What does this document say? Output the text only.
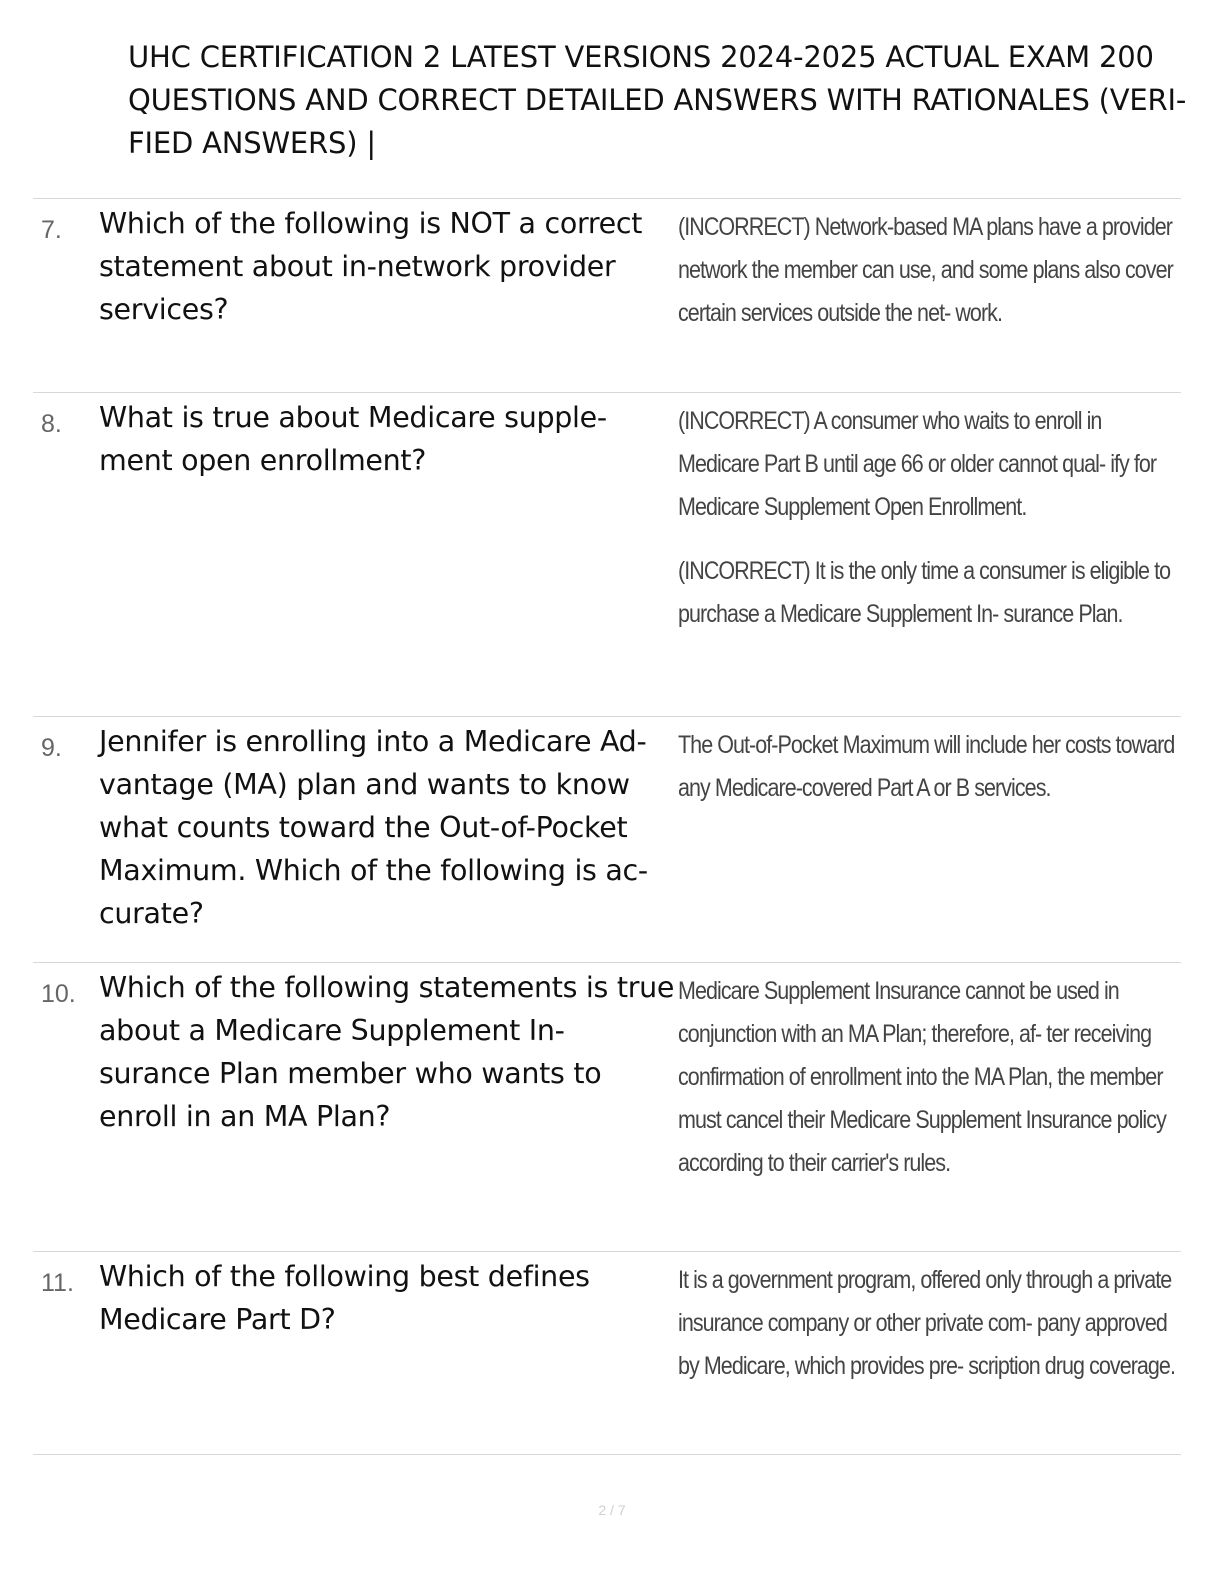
UHC CERTIFICATION 2 LATEST VERSIONS 2024-2025 ACTUAL EXAM 200 QUESTIONS AND CORRECT DETAILED ANSWERS WITH RATIONALES (VERI- FIED ANSWERS) |
7. Which of the following is NOT a correct statement about in-network provider services?

(INCORRECT) Network-based MA plans have a provider network the member can use, and some plans also cover certain services outside the net- work.

8. What is true about Medicare supple- ment open enrollment?

(INCORRECT) A consumer who waits to enroll in Medicare Part B until age 66 or older cannot qual- ify for Medicare Supplement Open Enrollment.

(INCORRECT) It is the only time a consumer is eligible to purchase a Medicare Supplement In- surance Plan.

9. Jennifer is enrolling into a Medicare Ad- vantage (MA) plan and wants to know what counts toward the Out-of-Pocket Maximum. Which of the following is ac- curate?

The Out-of-Pocket Maximum will include her costs toward any Medicare-covered Part A or B services.

10. Which of the following statements is true about a Medicare Supplement In- surance Plan member who wants to enroll in an MA Plan?

Medicare Supplement Insurance cannot be used in conjunction with an MA Plan; therefore, af- ter receiving confirmation of enrollment into the MA Plan, the member must cancel their Medicare Supplement Insurance policy according to their carrier's rules.

11. Which of the following best defines Medicare Part D?

It is a government program, offered only through a private insurance company or other private com- pany approved by Medicare, which provides pre- scription drug coverage.

2 / 7
